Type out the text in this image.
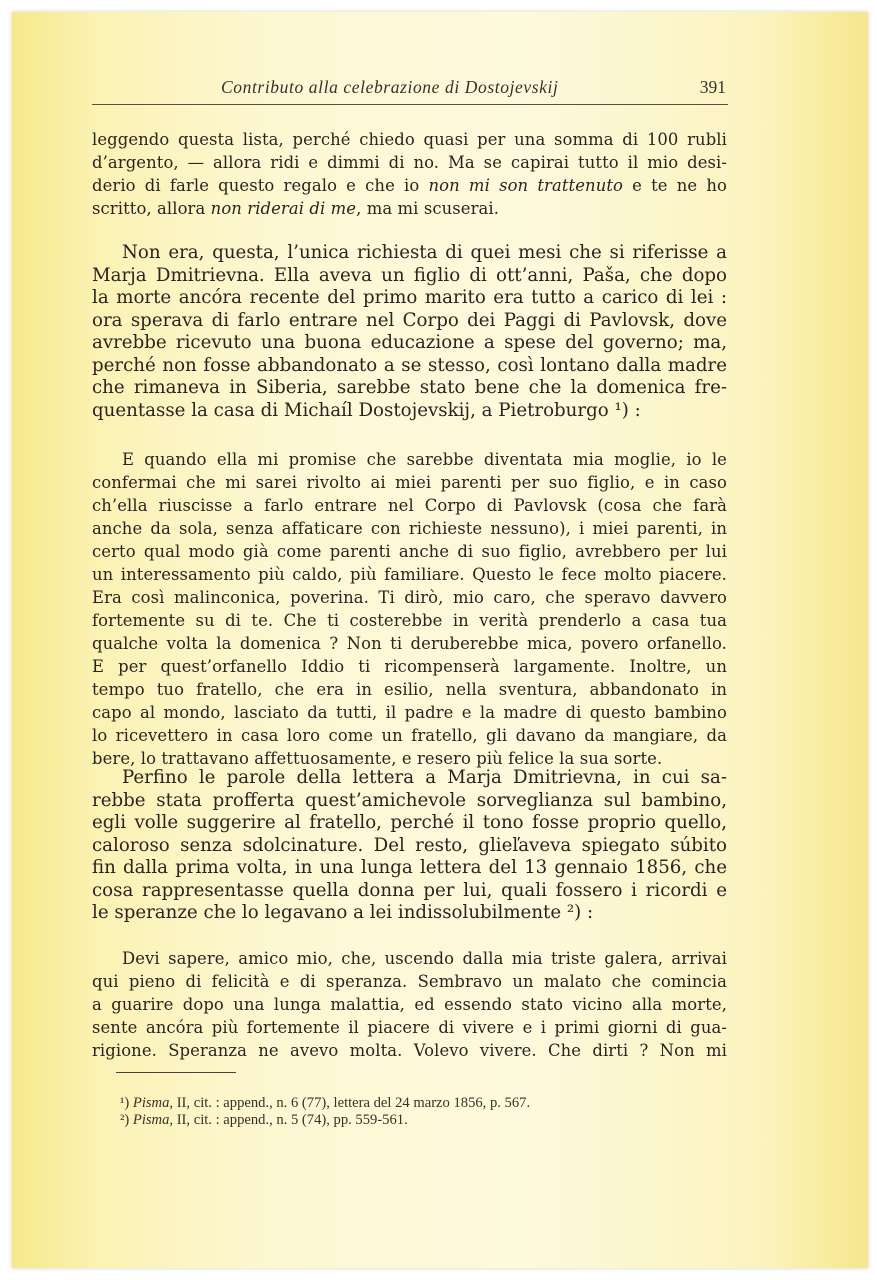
Contributo alla celebrazione di Dostojevskij	391
leggendo questa lista, perché chiedo quasi per una somma di 100 rubli
d’argento, — allora ridi e dimmi di no. Ma se capirai tutto il mio desi-
derio di farle questo regalo e che io non mi son trattenuto e te ne ho
scritto, allora non riderai di me, ma mi scuserai.
Non era, questa, l’unica richiesta di quei mesi che si riferisse a
Marja Dmitrievna. Ella aveva un figlio di ott’anni, Paša, che dopo
la morte ancóra recente del primo marito era tutto a carico di lei :
ora sperava di farlo entrare nel Corpo dei Paggi di Pavlovsk, dove
avrebbe ricevuto una buona educazione a spese del governo; ma,
perché non fosse abbandonato a se stesso, così lontano dalla madre
che rimaneva in Siberia, sarebbe stato bene che la domenica fre-
quentasse la casa di Michaíl Dostojevskij, a Pietroburgo ¹) :
E quando ella mi promise che sarebbe diventata mia moglie, io le
confermai che mi sarei rivolto ai miei parenti per suo figlio, e in caso
ch’ella riuscisse a farlo entrare nel Corpo di Pavlovsk (cosa che farà
anche da sola, senza affaticare con richieste nessuno), i miei parenti, in
certo qual modo già come parenti anche di suo figlio, avrebbero per lui
un interessamento più caldo, più familiare. Questo le fece molto piacere.
Era così malinconica, poverina. Ti dirò, mio caro, che speravo davvero
fortemente su di te. Che ti costerebbe in verità prenderlo a casa tua
qualche volta la domenica ? Non ti deruberebbe mica, povero orfanello.
E per quest’orfanello Iddio ti ricompenserà largamente. Inoltre, un
tempo tuo fratello, che era in esilio, nella sventura, abbandonato in
capo al mondo, lasciato da tutti, il padre e la madre di questo bambino
lo ricevettero in casa loro come un fratello, gli davano da mangiare, da
bere, lo trattavano affettuosamente, e resero più felice la sua sorte.
Perfino le parole della lettera a Marja Dmitrievna, in cui sa-
rebbe stata profferta quest’amichevole sorveglianza sul bambino,
egli volle suggerire al fratello, perché il tono fosse proprio quello,
caloroso senza sdolcinature. Del resto, glieľaveva spiegato súbito
fin dalla prima volta, in una lunga lettera del 13 gennaio 1856, che
cosa rappresentasse quella donna per lui, quali fossero i ricordi e
le speranze che lo legavano a lei indissolubilmente ²) :
Devi sapere, amico mio, che, uscendo dalla mia triste galera, arrivai
qui pieno di felicità e di speranza. Sembravo un malato che comincia
a guarire dopo una lunga malattia, ed essendo stato vicino alla morte,
sente ancóra più fortemente il piacere di vivere e i primi giorni di gua-
rigione. Speranza ne avevo molta. Volevo vivere. Che dirti ? Non mi
¹) Pisma, II, cit. : append., n. 6 (77), lettera del 24 marzo 1856, p. 567.
²) Pisma, II, cit. : append., n. 5 (74), pp. 559-561.
